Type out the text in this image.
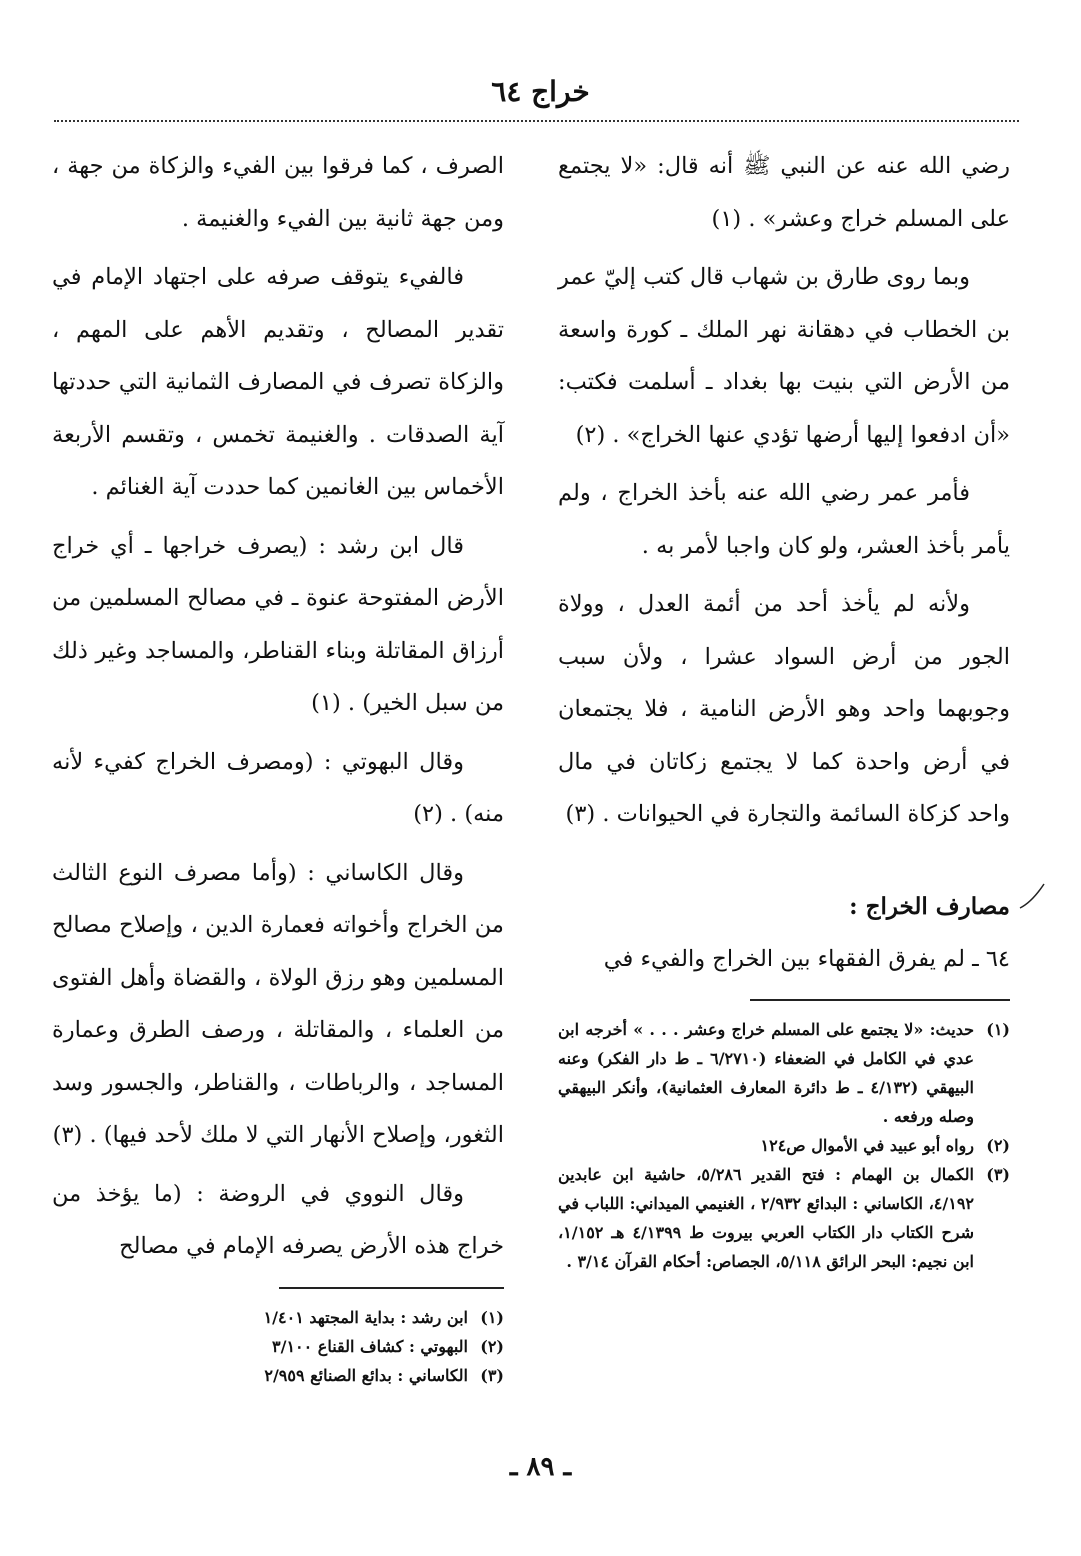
خراج ٦٤

رضي الله عنه عن النبي ﷺ أنه قال: «لا يجتمع على المسلم خراج وعشر» . (١)

وبما روى طارق بن شهاب قال كتب إليّ عمر بن الخطاب في دهقانة نهر الملك ـ كورة واسعة من الأرض التي بنيت بها بغداد ـ أسلمت فكتب: «أن ادفعوا إليها أرضها تؤدي عنها الخراج» . (٢)

فأمر عمر رضي الله عنه بأخذ الخراج ، ولم يأمر بأخذ العشر، ولو كان واجبا لأمر به .

ولأنه لم يأخذ أحد من أئمة العدل ، وولاة الجور من أرض السواد عشرا ، ولأن سبب وجوبهما واحد وهو الأرض النامية ، فلا يجتمعان في أرض واحدة كما لا يجتمع زكاتان في مال واحد كزكاة السائمة والتجارة في الحيوانات . (٣)

مصارف الخراج :

٦٤ ـ لم يفرق الفقهاء بين الخراج والفيء في

(١)
حديث: «لا يجتمع على المسلم خراج وعشر . . . » أخرجه ابن عدي في الكامل في الضعفاء (٦/٢٧١٠ ـ ط دار الفكر) وعنه البيهقي (٤/١٣٢ ـ ط دائرة المعارف العثمانية)، وأنكر البيهقي وصله ورفعه .
(٢)
رواه أبو عبيد في الأموال ص١٢٤
(٣)
الكمال بن الهمام : فتح القدير ٥/٢٨٦، حاشية ابن عابدين ٤/١٩٢، الكاساني : البدائع ٢/٩٣٢ ، الغنيمي الميداني: اللباب في شرح الكتاب دار الكتاب العربي بيروت ط ٤/١٣٩٩ هـ ١/١٥٢، ابن نجيم: البحر الرائق ٥/١١٨، الجصاص: أحكام القرآن ٣/١٤ .

الصرف ، كما فرقوا بين الفيء والزكاة من جهة ، ومن جهة ثانية بين الفيء والغنيمة .

فالفيء يتوقف صرفه على اجتهاد الإمام في تقدير المصالح ، وتقديم الأهم على المهم ، والزكاة تصرف في المصارف الثمانية التي حددتها آية الصدقات . والغنيمة تخمس ، وتقسم الأربعة الأخماس بين الغانمين كما حددت آية الغنائم .

قال ابن رشد : (يصرف خراجها ـ أي خراج الأرض المفتوحة عنوة ـ في مصالح المسلمين من أرزاق المقاتلة وبناء القناطر، والمساجد وغير ذلك من سبل الخير) . (١)

وقال البهوتي : (ومصرف الخراج كفيء لأنه منه) . (٢)

وقال الكاساني : (وأما مصرف النوع الثالث من الخراج وأخواته فعمارة الدين ، وإصلاح مصالح المسلمين وهو رزق الولاة ، والقضاة وأهل الفتوى من العلماء ، والمقاتلة ، ورصف الطرق وعمارة المساجد ، والرباطات ، والقناطر، والجسور وسد الثغور، وإصلاح الأنهار التي لا ملك لأحد فيها) . (٣)

وقال النووي في الروضة : (ما يؤخذ من خراج هذه الأرض يصرفه الإمام في مصالح

(١)
ابن رشد : بداية المجتهد ١/٤٠١
(٢)
البهوتي : كشاف القناع ٣/١٠٠
(٣)
الكاساني : بدائع الصنائع ٢/٩٥٩
ـ ٨٩ ـ
